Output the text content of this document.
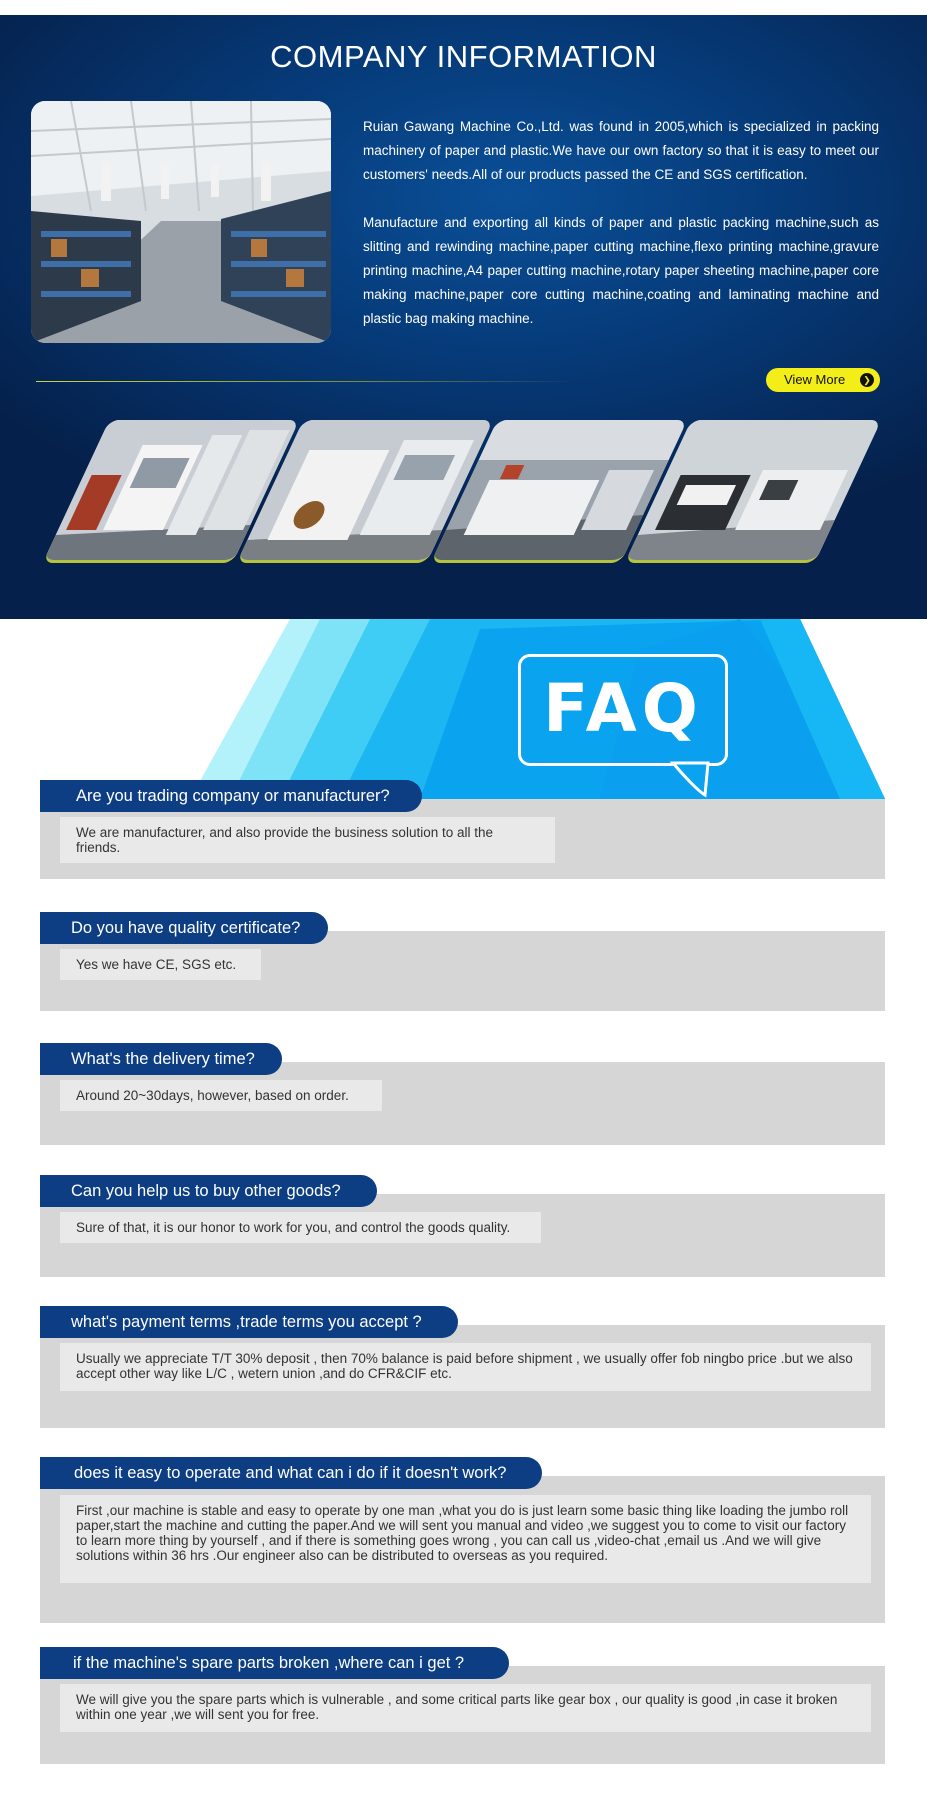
COMPANY INFORMATION

Ruian Gawang Machine Co.,Ltd. was found in 2005,which is specialized in packing machinery of paper and plastic.We have our own factory so that it is easy to meet our customers' needs.All of our products passed the CE and SGS certification.

Manufacture and exporting all kinds of paper and plastic packing machine,such as slitting and rewinding machine,paper cutting machine,flexo printing machine,gravure printing machine,A4 paper cutting machine,rotary paper sheeting machine,paper core making machine,paper core cutting machine,coating and laminating machine and plastic bag making machine.

View More	❯
FAQ
We are manufacturer, and also provide the business solution to all the friends.
Are you trading company or manufacturer?
Yes we have CE, SGS etc.
Do you have quality certificate?
Around 20~30days, however, based on order.
What's the delivery time?
Sure of that, it is our honor to work for you, and control the goods quality.
Can you help us to buy other goods?
Usually we appreciate T/T 30% deposit , then 70% balance is paid before shipment , we usually offer fob ningbo price .but we also accept other way like L/C , wetern union ,and do CFR&CIF etc.
what's payment terms ,trade terms you accept ?
First ,our machine is stable and easy to operate by one man ,what you do is just learn some basic thing like loading the jumbo roll paper,start the machine and cutting the paper.And we will sent you manual and video ,we suggest you to come to visit our factory to learn more thing by yourself , and if there is something goes wrong , you can call us ,video-chat ,email us .And we will give solutions within 36 hrs .Our engineer also can be distributed to overseas as you required.
does it easy to operate and what can i do if it doesn't work?
We will give you the spare parts which is vulnerable , and some critical parts like gear box , our quality is good ,in case it broken within one year ,we will sent you for free.
if the machine's spare parts broken ,where can i get ?
